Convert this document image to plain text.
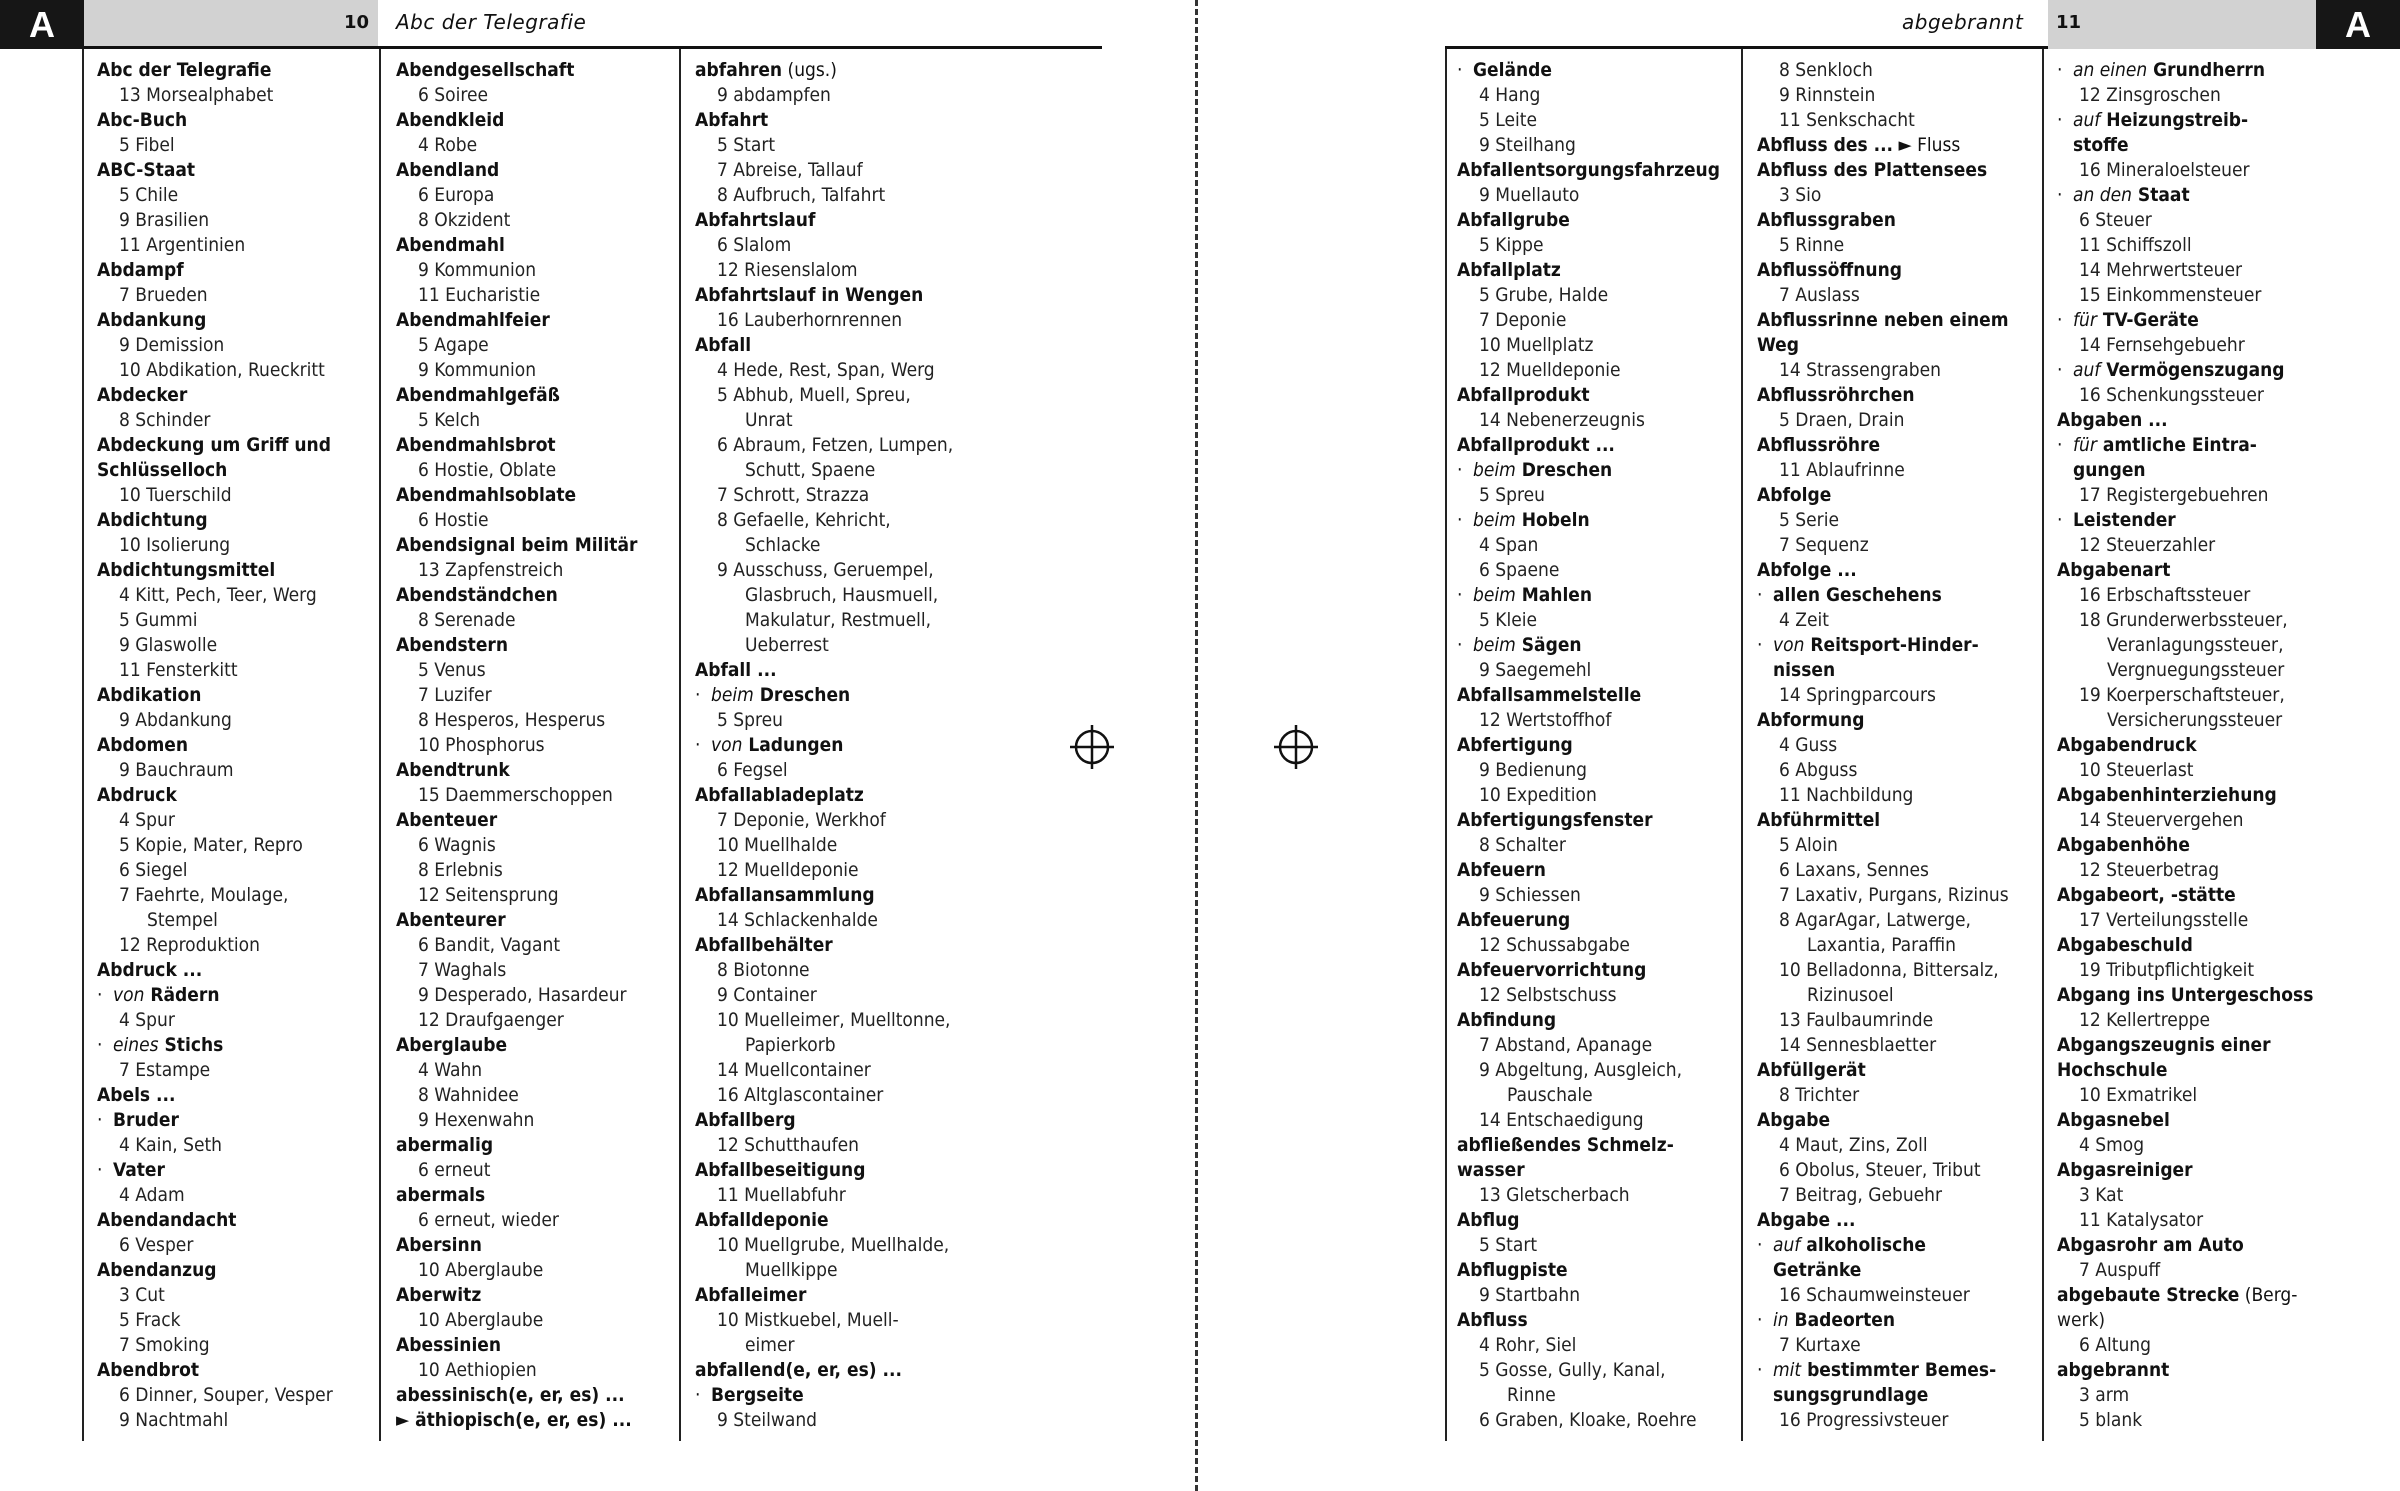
A	10 Abc der Telegrafie	abgebrannt 11	A
Abc der Telegrafie
13 Morsealphabet
Abc-Buch
5 Fibel
ABC-Staat
5 Chile
9 Brasilien
11 Argentinien
Abdampf
7 Brueden
Abdankung
9 Demission
10 Abdikation, Rueckritt
Abdecker
8 Schinder
Abdeckung um Griff und
Schlüsselloch
10 Tuerschild
Abdichtung
10 Isolierung
Abdichtungsmittel
4 Kitt, Pech, Teer, Werg
5 Gummi
9 Glaswolle
11 Fensterkitt
Abdikation
9 Abdankung
Abdomen
9 Bauchraum
Abdruck
4 Spur
5 Kopie, Mater, Repro
6 Siegel
7 Faehrte, Moulage,
Stempel
12 Reproduktion
Abdruck ...
· von Rädern
4 Spur
· eines Stichs
7 Estampe
Abels ...
· Bruder
4 Kain, Seth
· Vater
4 Adam
Abendandacht
6 Vesper
Abendanzug
3 Cut
5 Frack
7 Smoking
Abendbrot
6 Dinner, Souper, Vesper
9 Nachtmahl
Abendgesellschaft
6 Soiree
Abendkleid
4 Robe
Abendland
6 Europa
8 Okzident
Abendmahl
9 Kommunion
11 Eucharistie
Abendmahlfeier
5 Agape
9 Kommunion
Abendmahlgefäß
5 Kelch
Abendmahlsbrot
6 Hostie, Oblate
Abendmahlsoblate
6 Hostie
Abendsignal beim Militär
13 Zapfenstreich
Abendständchen
8 Serenade
Abendstern
5 Venus
7 Luzifer
8 Hesperos, Hesperus
10 Phosphorus
Abendtrunk
15 Daemmerschoppen
Abenteuer
6 Wagnis
8 Erlebnis
12 Seitensprung
Abenteurer
6 Bandit, Vagant
7 Waghals
9 Desperado, Hasardeur
12 Draufgaenger
Aberglaube
4 Wahn
8 Wahnidee
9 Hexenwahn
abermalig
6 erneut
abermals
6 erneut, wieder
Abersinn
10 Aberglaube
Aberwitz
10 Aberglaube
Abessinien
10 Aethiopien
abessinisch(e, er, es) ...
► äthiopisch(e, er, es) ...
abfahren (ugs.)
9 abdampfen
Abfahrt
5 Start
7 Abreise, Tallauf
8 Aufbruch, Talfahrt
Abfahrtslauf
6 Slalom
12 Riesenslalom
Abfahrtslauf in Wengen
16 Lauberhornrennen
Abfall
4 Hede, Rest, Span, Werg
5 Abhub, Muell, Spreu,
Unrat
6 Abraum, Fetzen, Lumpen,
Schutt, Spaene
7 Schrott, Strazza
8 Gefaelle, Kehricht,
Schlacke
9 Ausschuss, Geruempel,
Glasbruch, Hausmuell,
Makulatur, Restmuell,
Ueberrest
Abfall ...
· beim Dreschen
5 Spreu
· von Ladungen
6 Fegsel
Abfallabladeplatz
7 Deponie, Werkhof
10 Muellhalde
12 Muelldeponie
Abfallansammlung
14 Schlackenhalde
Abfallbehälter
8 Biotonne
9 Container
10 Muelleimer, Muelltonne,
Papierkorb
14 Muellcontainer
16 Altglascontainer
Abfallberg
12 Schutthaufen
Abfallbeseitigung
11 Muellabfuhr
Abfalldeponie
10 Muellgrube, Muellhalde,
Muellkippe
Abfalleimer
10 Mistkuebel, Muell-
eimer
abfallend(e, er, es) ...
· Bergseite
9 Steilwand
· Gelände
4 Hang
5 Leite
9 Steilhang
Abfallentsorgungsfahrzeug
9 Muellauto
Abfallgrube
5 Kippe
Abfallplatz
5 Grube, Halde
7 Deponie
10 Muellplatz
12 Muelldeponie
Abfallprodukt
14 Nebenerzeugnis
Abfallprodukt ...
· beim Dreschen
5 Spreu
· beim Hobeln
4 Span
6 Spaene
· beim Mahlen
5 Kleie
· beim Sägen
9 Saegemehl
Abfallsammelstelle
12 Wertstoffhof
Abfertigung
9 Bedienung
10 Expedition
Abfertigungsfenster
8 Schalter
Abfeuern
9 Schiessen
Abfeuerung
12 Schussabgabe
Abfeuervorrichtung
12 Selbstschuss
Abfindung
7 Abstand, Apanage
9 Abgeltung, Ausgleich,
Pauschale
14 Entschaedigung
abfließendes Schmelz-
wasser
13 Gletscherbach
Abflug
5 Start
Abflugpiste
9 Startbahn
Abfluss
4 Rohr, Siel
5 Gosse, Gully, Kanal,
Rinne
6 Graben, Kloake, Roehre
8 Senkloch
9 Rinnstein
11 Senkschacht
Abfluss des ... ► Fluss
Abfluss des Plattensees
3 Sio
Abflussgraben
5 Rinne
Abflussöffnung
7 Auslass
Abflussrinne neben einem
Weg
14 Strassengraben
Abflussröhrchen
5 Draen, Drain
Abflussröhre
11 Ablaufrinne
Abfolge
5 Serie
7 Sequenz
Abfolge ...
· allen Geschehens
4 Zeit
· von Reitsport-Hinder-
nissen
14 Springparcours
Abformung
4 Guss
6 Abguss
11 Nachbildung
Abführmittel
5 Aloin
6 Laxans, Sennes
7 Laxativ, Purgans, Rizinus
8 AgarAgar, Latwerge,
Laxantia, Paraffin
10 Belladonna, Bittersalz,
Rizinusoel
13 Faulbaumrinde
14 Sennesblaetter
Abfüllgerät
8 Trichter
Abgabe
4 Maut, Zins, Zoll
6 Obolus, Steuer, Tribut
7 Beitrag, Gebuehr
Abgabe ...
· auf alkoholische
Getränke
16 Schaumweinsteuer
· in Badeorten
7 Kurtaxe
· mit bestimmter Bemes-
sungsgrundlage
16 Progressivsteuer
· an einen Grundherrn
12 Zinsgroschen
· auf Heizungstreib-
stoffe
16 Mineraloelsteuer
· an den Staat
6 Steuer
11 Schiffszoll
14 Mehrwertsteuer
15 Einkommensteuer
· für TV-Geräte
14 Fernsehgebuehr
· auf Vermögenszugang
16 Schenkungssteuer
Abgaben ...
· für amtliche Eintra-
gungen
17 Registergebuehren
· Leistender
12 Steuerzahler
Abgabenart
16 Erbschaftssteuer
18 Grunderwerbssteuer,
Veranlagungssteuer,
Vergnuegungssteuer
19 Koerperschaftsteuer,
Versicherungssteuer
Abgabendruck
10 Steuerlast
Abgabenhinterziehung
14 Steuervergehen
Abgabenhöhe
12 Steuerbetrag
Abgabeort, -stätte
17 Verteilungsstelle
Abgabeschuld
19 Tributpflichtigkeit
Abgang ins Untergeschoss
12 Kellertreppe
Abgangszeugnis einer
Hochschule
10 Exmatrikel
Abgasnebel
4 Smog
Abgasreiniger
3 Kat
11 Katalysator
Abgasrohr am Auto
7 Auspuff
abgebaute Strecke (Berg-
werk)
6 Altung
abgebrannt
3 arm
5 blank
